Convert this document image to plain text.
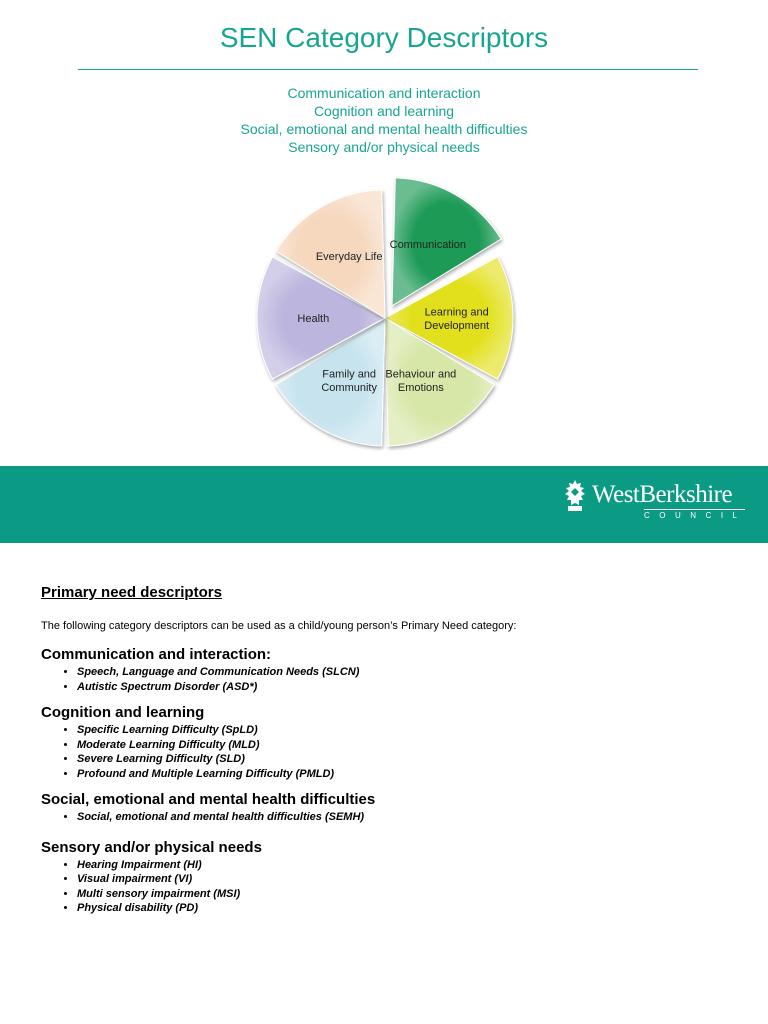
SEN Category Descriptors
Communication and interaction
Cognition and learning
Social, emotional and mental health difficulties
Sensory and/or physical needs
Communication
Learning and Development
Behaviour and Emotions
Family and Community
Health
Everyday Life
WestBerkshire
COUNCIL
Primary need descriptors

The following category descriptors can be used as a child/young person’s Primary Need category:

Communication and interaction:
• Speech, Language and Communication Needs (SLCN)
• Autistic Spectrum Disorder (ASD*)
Cognition and learning
• Specific Learning Difficulty (SpLD)
• Moderate Learning Difficulty (MLD)
• Severe Learning Difficulty (SLD)
• Profound and Multiple Learning Difficulty (PMLD)
Social, emotional and mental health difficulties
• Social, emotional and mental health difficulties (SEMH)
Sensory and/or physical needs
• Hearing Impairment (HI)
• Visual impairment (VI)
• Multi sensory impairment (MSI)
• Physical disability (PD)
